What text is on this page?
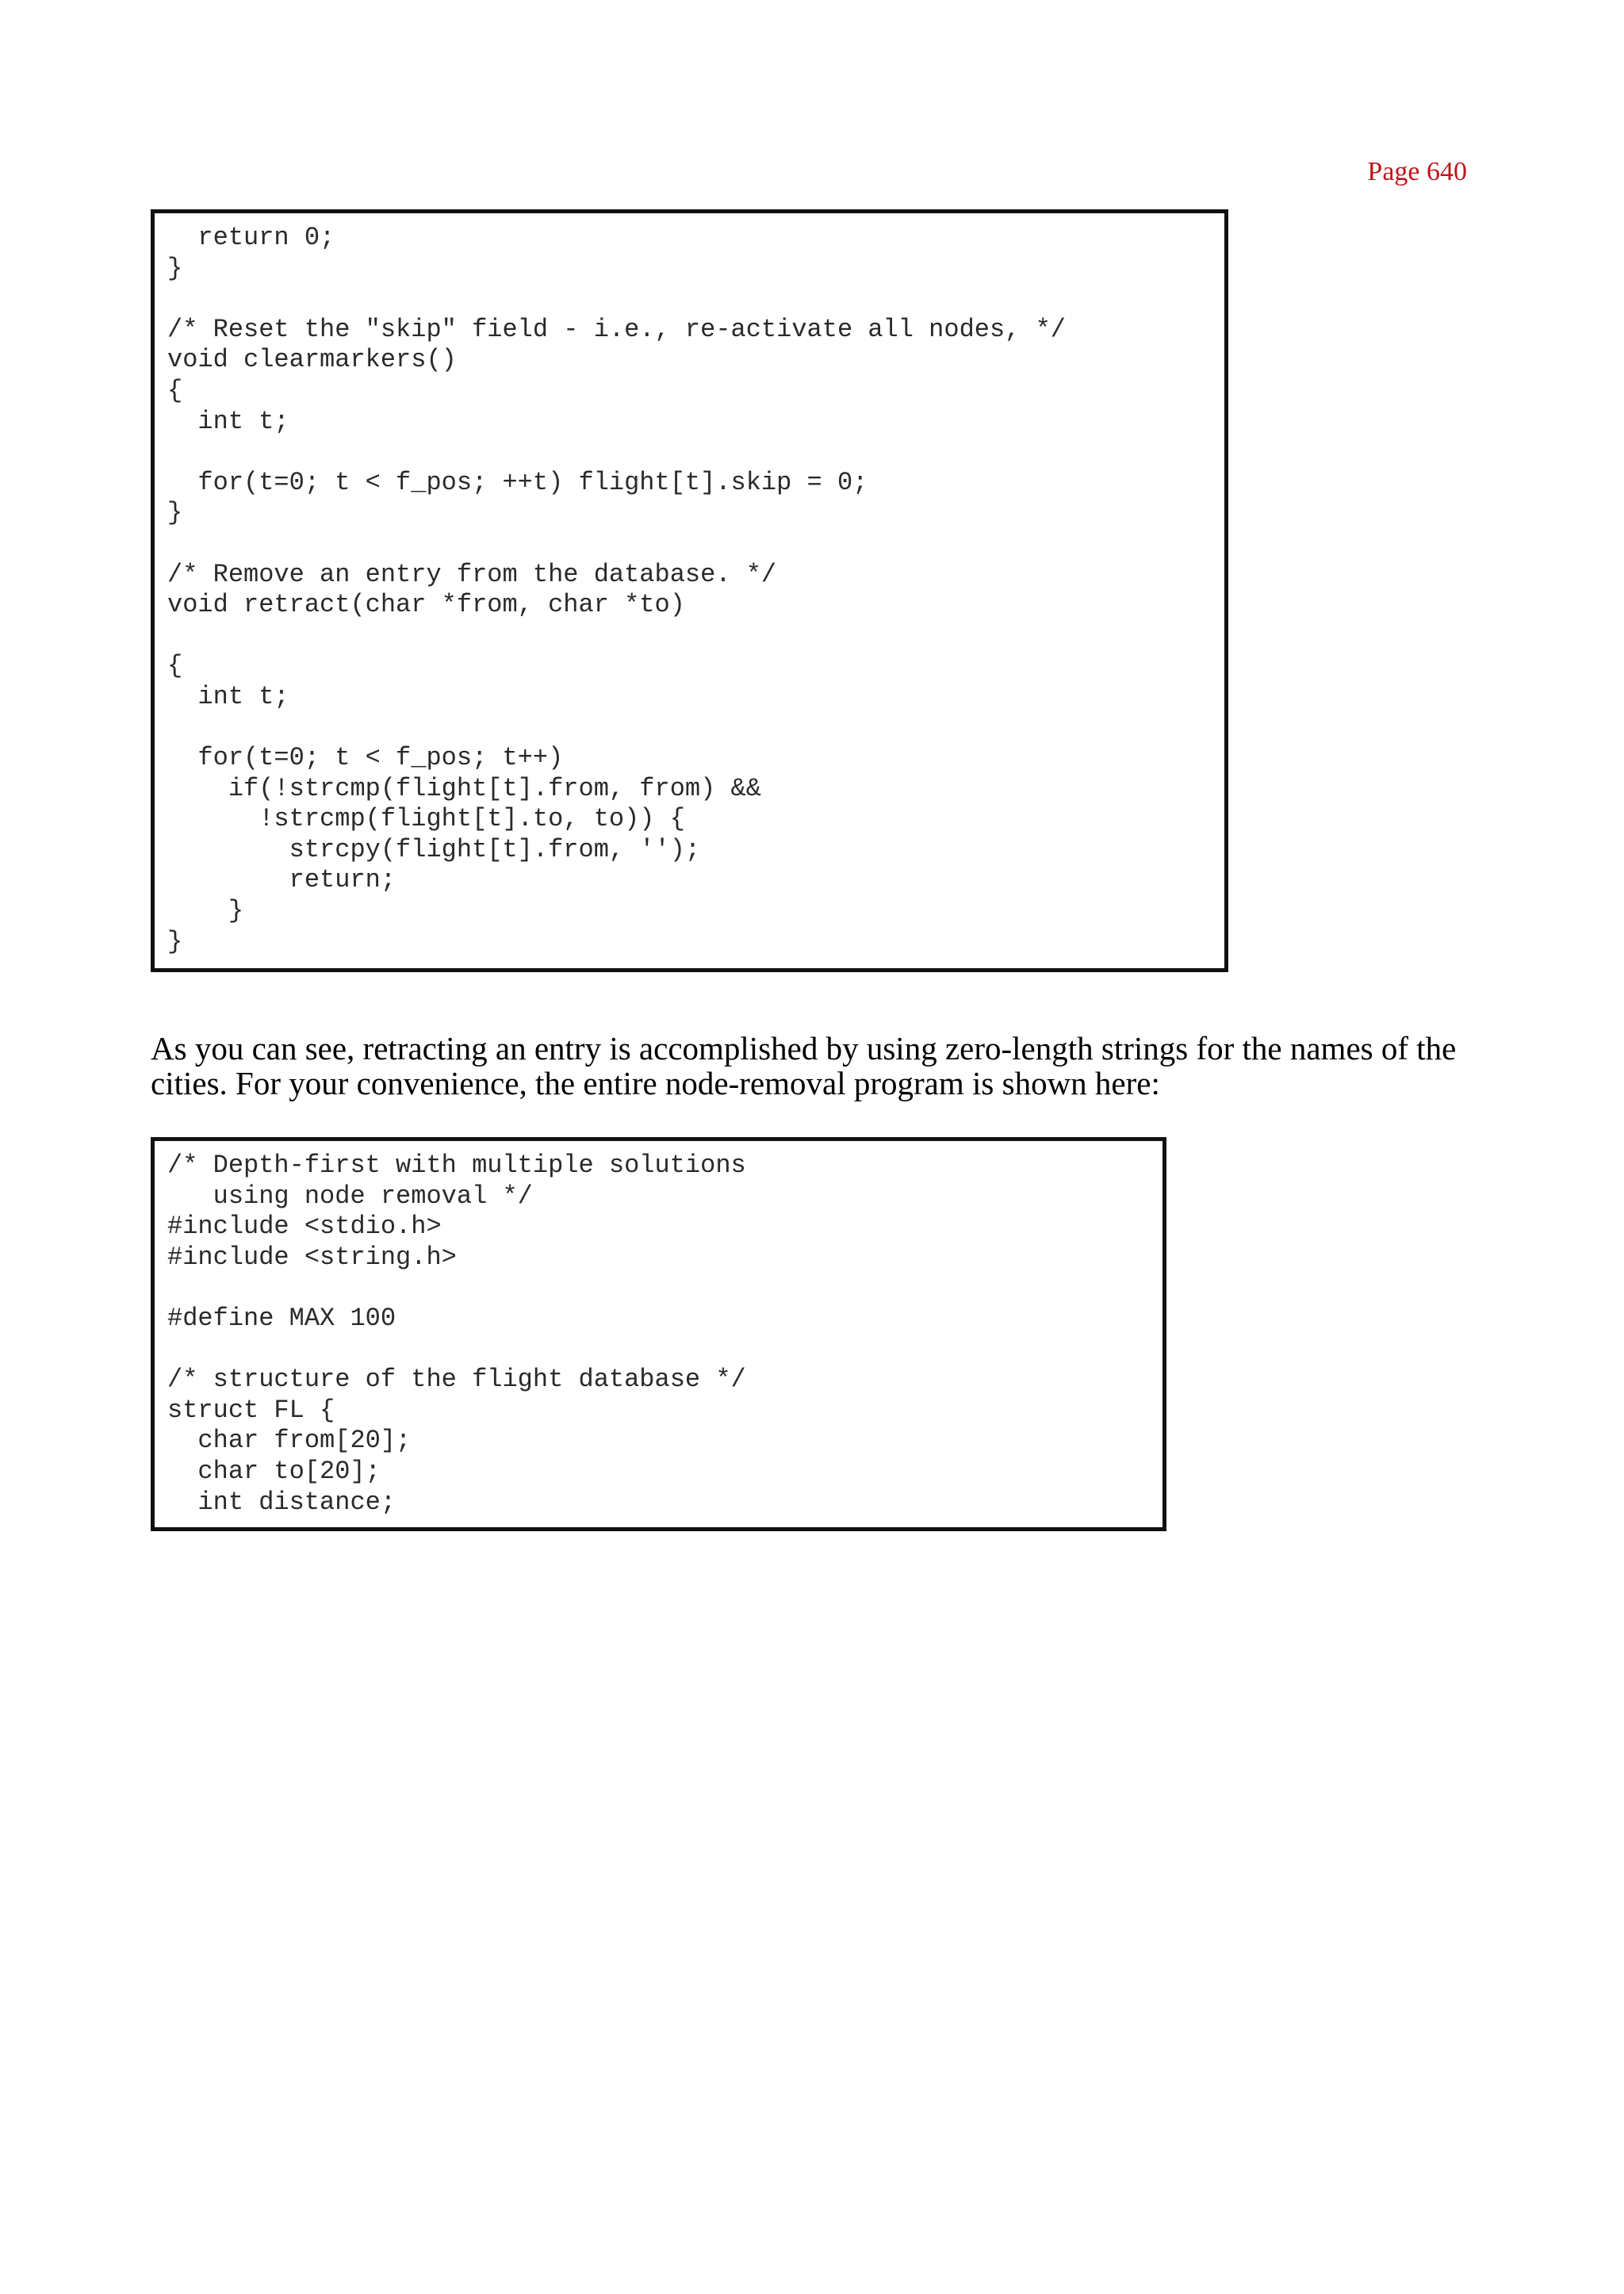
Page 640

return 0;
}
/* Reset the "skip" field - i.e., re-activate all nodes, */
void clearmarkers()
{
int t;
for(t=0; t < f_pos; ++t) flight[t].skip = 0;
}
/* Remove an entry from the database. */
void retract(char *from, char *to)
{
int t;
for(t=0; t < f_pos; t++)
if(!strcmp(flight[t].from, from) &&
!strcmp(flight[t].to, to)) {
strcpy(flight[t].from, '');
return;
}
}

As you can see, retracting an entry is accomplished by using zero-length strings for the names of the cities. For your convenience, the entire node-removal program is shown here:

/* Depth-first with multiple solutions
using node removal */
#include <stdio.h>
#include <string.h>
#define MAX 100
/* structure of the flight database */
struct FL {
char from[20];
char to[20];
int distance;
